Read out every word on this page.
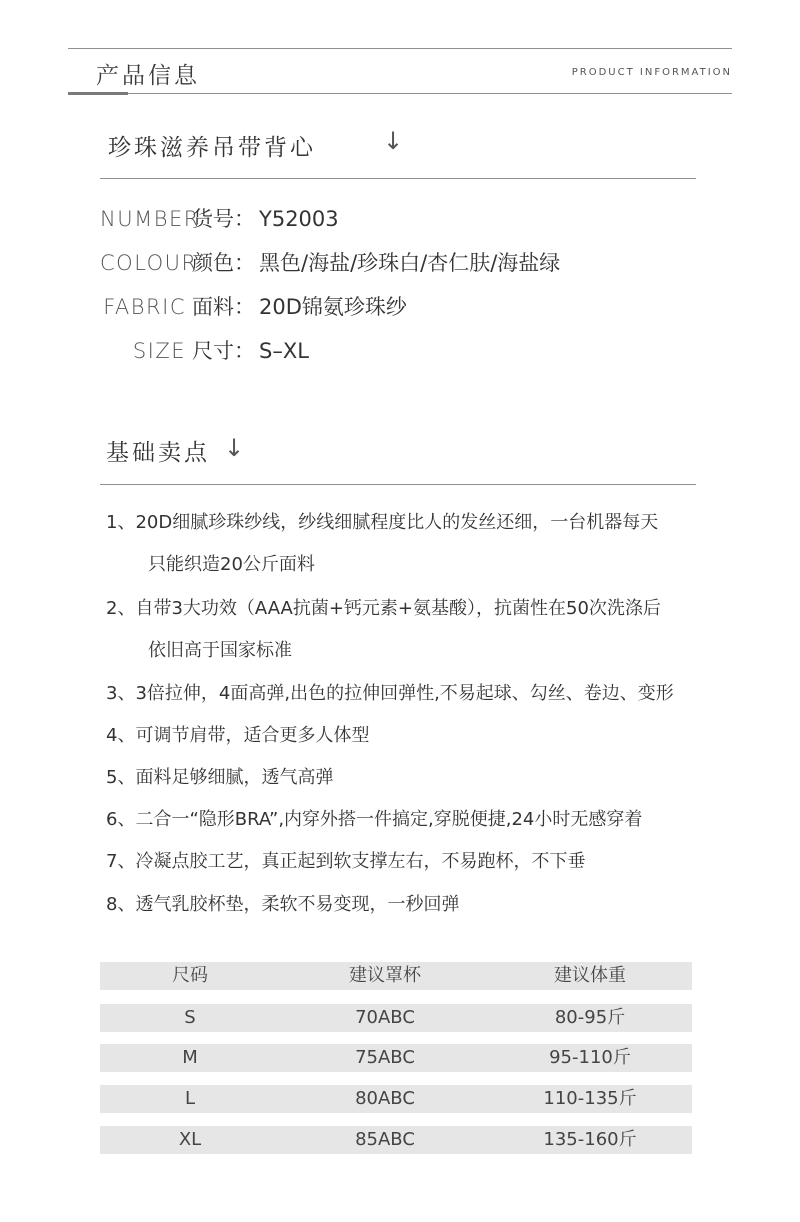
产品信息	PRODUCT INFORMATION
珍珠滋养吊带背心	↓
NUMBER货号： Y52003
COLOUR颜色： 黑色/海盐/珍珠白/杏仁肤/海盐绿
FABRIC 面料： 20D锦氨珍珠纱
SIZE 尺寸： S–XL
基础卖点 ↓
1、20D细腻珍珠纱线，纱线细腻程度比人的发丝还细，一台机器每天
只能织造20公斤面料
2、自带3大功效（AAA抗菌+钙元素+氨基酸），抗菌性在50次洗涤后
依旧高于国家标准
3、3倍拉伸，4面高弹,出色的拉伸回弹性,不易起球、勾丝、卷边、变形
4、可调节肩带，适合更多人体型
5、面料足够细腻，透气高弹
6、二合一“隐形BRA”,内穿外搭一件搞定,穿脱便捷,24小时无感穿着
7、冷凝点胶工艺，真正起到软支撑左右，不易跑杯，不下垂
8、透气乳胶杯垫，柔软不易变现，一秒回弹
尺码	建议罩杯	建议体重
S	70ABC	80-95斤
M	75ABC	95-110斤
L	80ABC	110-135斤
XL	85ABC	135-160斤
